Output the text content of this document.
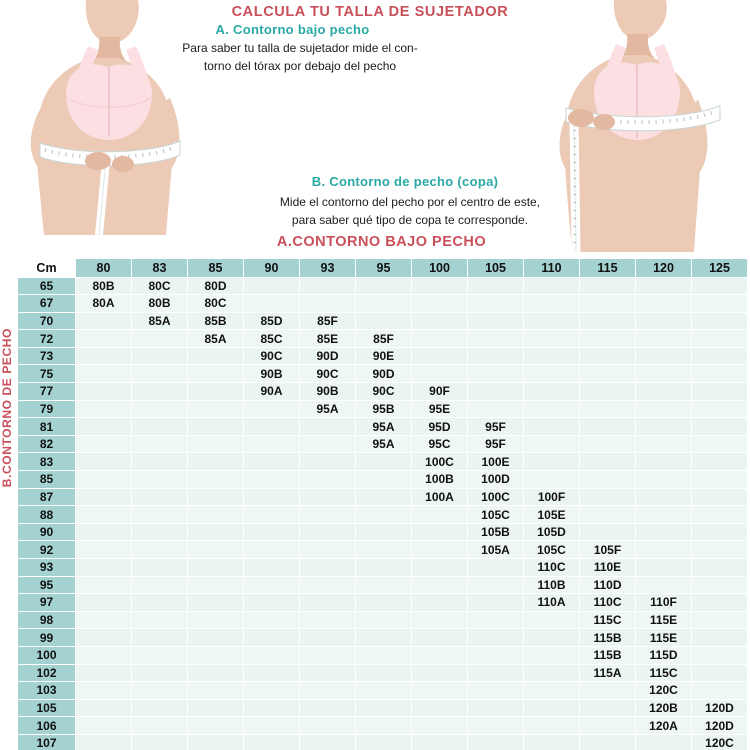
CALCULA TU TALLA DE SUJETADOR
A. Contorno bajo pecho

Para saber tu talla de sujetador mide el con-
torno del tórax por debajo del pecho

B. Contorno de pecho (copa)

Mide el contorno del pecho por el centro de este,
para saber qué tipo de copa te corresponde.

A.CONTORNO BAJO PECHO
B.CONTORNO DE PECHO
Cm	80	83	85	90	93	95	100	105	110	115	120	125
65	80B	80C	80D									
67	80A	80B	80C									
70		85A	85B	85D	85F							
72			85A	85C	85E	85F						
73				90C	90D	90E						
75				90B	90C	90D						
77				90A	90B	90C	90F					
79					95A	95B	95E					
81						95A	95D	95F				
82						95A	95C	95F				
83							100C	100E				
85							100B	100D				
87							100A	100C	100F			
88								105C	105E			
90								105B	105D			
92								105A	105C	105F		
93									110C	110E		
95									110B	110D		
97									110A	110C	110F	
98										115C	115E	
99										115B	115E	
100										115B	115D	
102										115A	115C	
103											120C	
105											120B	120D
106											120A	120D
107												120C
